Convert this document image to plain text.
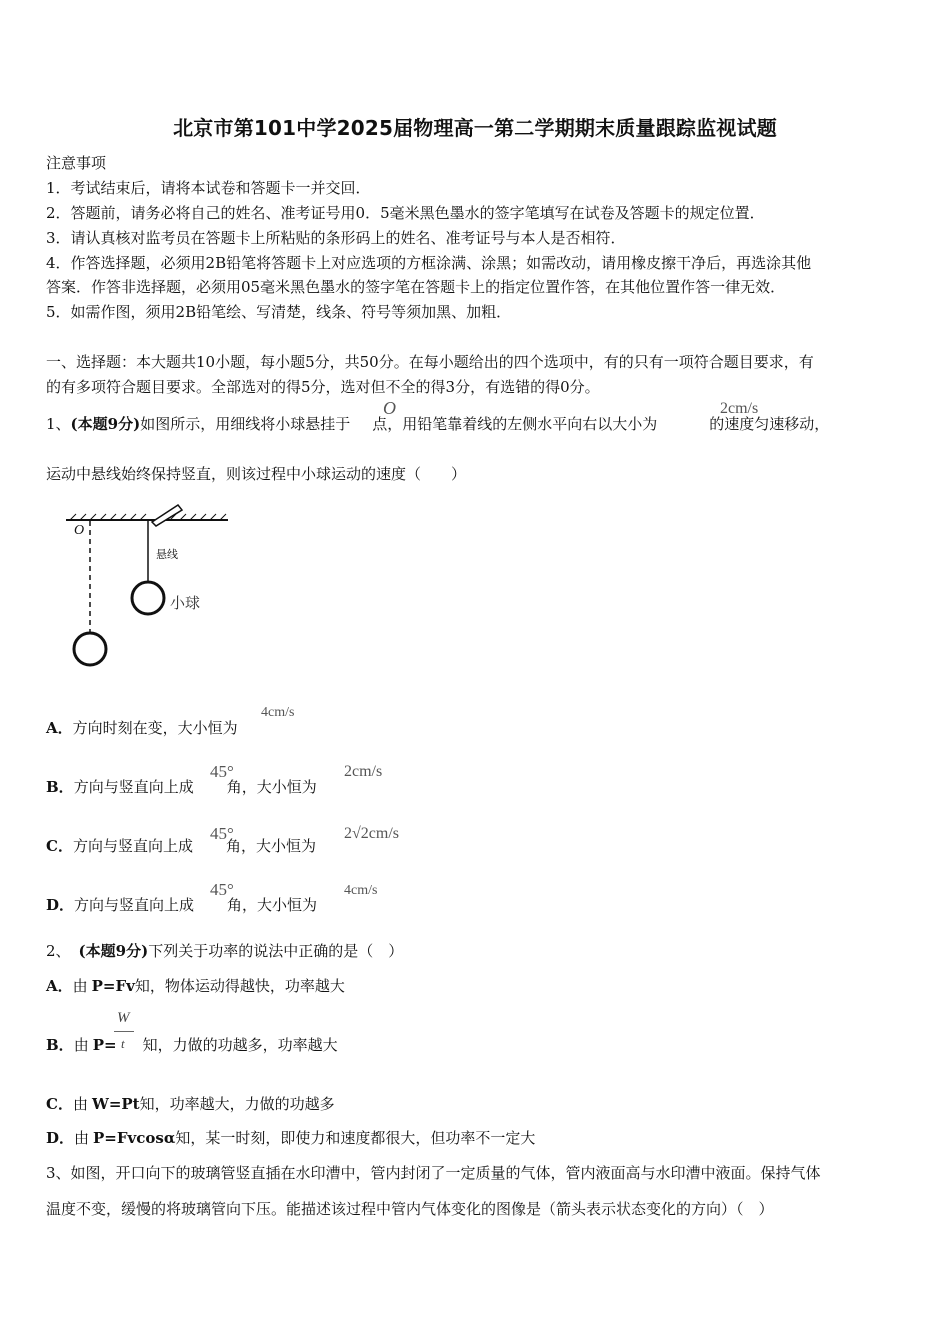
北京市第101中学2025届物理高一第二学期期末质量跟踪监视试题
注意事项
1．考试结束后，请将本试卷和答题卡一并交回．
2．答题前，请务必将自己的姓名、准考证号用0．5毫米黑色墨水的签字笔填写在试卷及答题卡的规定位置．
3．请认真核对监考员在答题卡上所粘贴的条形码上的姓名、准考证号与本人是否相符．
4．作答选择题，必须用2B铅笔将答题卡上对应选项的方框涂满、涂黑；如需改动，请用橡皮擦干净后，再选涂其他
答案．作答非选择题，必须用05毫米黑色墨水的签字笔在答题卡上的指定位置作答，在其他位置作答一律无效．
5．如需作图，须用2B铅笔绘、写清楚，线条、符号等须加黑、加粗．
一、选择题：本大题共10小题，每小题5分，共50分。在每小题给出的四个选项中，有的只有一项符合题目要求，有
的有多项符合题目要求。全部选对的得5分，选对但不全的得3分，有选错的得0分。
1、(本题9分)如图所示，用细线将小球悬挂于 点，用铅笔靠着线的左侧水平向右以大小为	的速度匀速移动，
O	2cm/s
运动中悬线始终保持竖直，则该过程中小球运动的速度（　　）
O
悬线
小球
A．方向时刻在变，大小恒为
4cm/s
B．方向与竖直向上成 角，大小恒为
45°	2cm/s
C．方向与竖直向上成 角，大小恒为
45°	2√2cm/s
D．方向与竖直向上成 角，大小恒为
45°	4cm/s
2、 (本题9分)下列关于功率的说法中正确的是（　）
A．由 P=Fv知，物体运动得越快，功率越大
B．由 P= 知，力做的功越多，功率越大
W
t
C．由 W=Pt知，功率越大，力做的功越多
D．由 P=Fvcosα知，某一时刻，即使力和速度都很大，但功率不一定大
3、如图，开口向下的玻璃管竖直插在水印漕中，管内封闭了一定质量的气体，管内液面高与水印漕中液面。保持气体
温度不变，缓慢的将玻璃管向下压。能描述该过程中管内气体变化的图像是（箭头表示状态变化的方向）（　）
